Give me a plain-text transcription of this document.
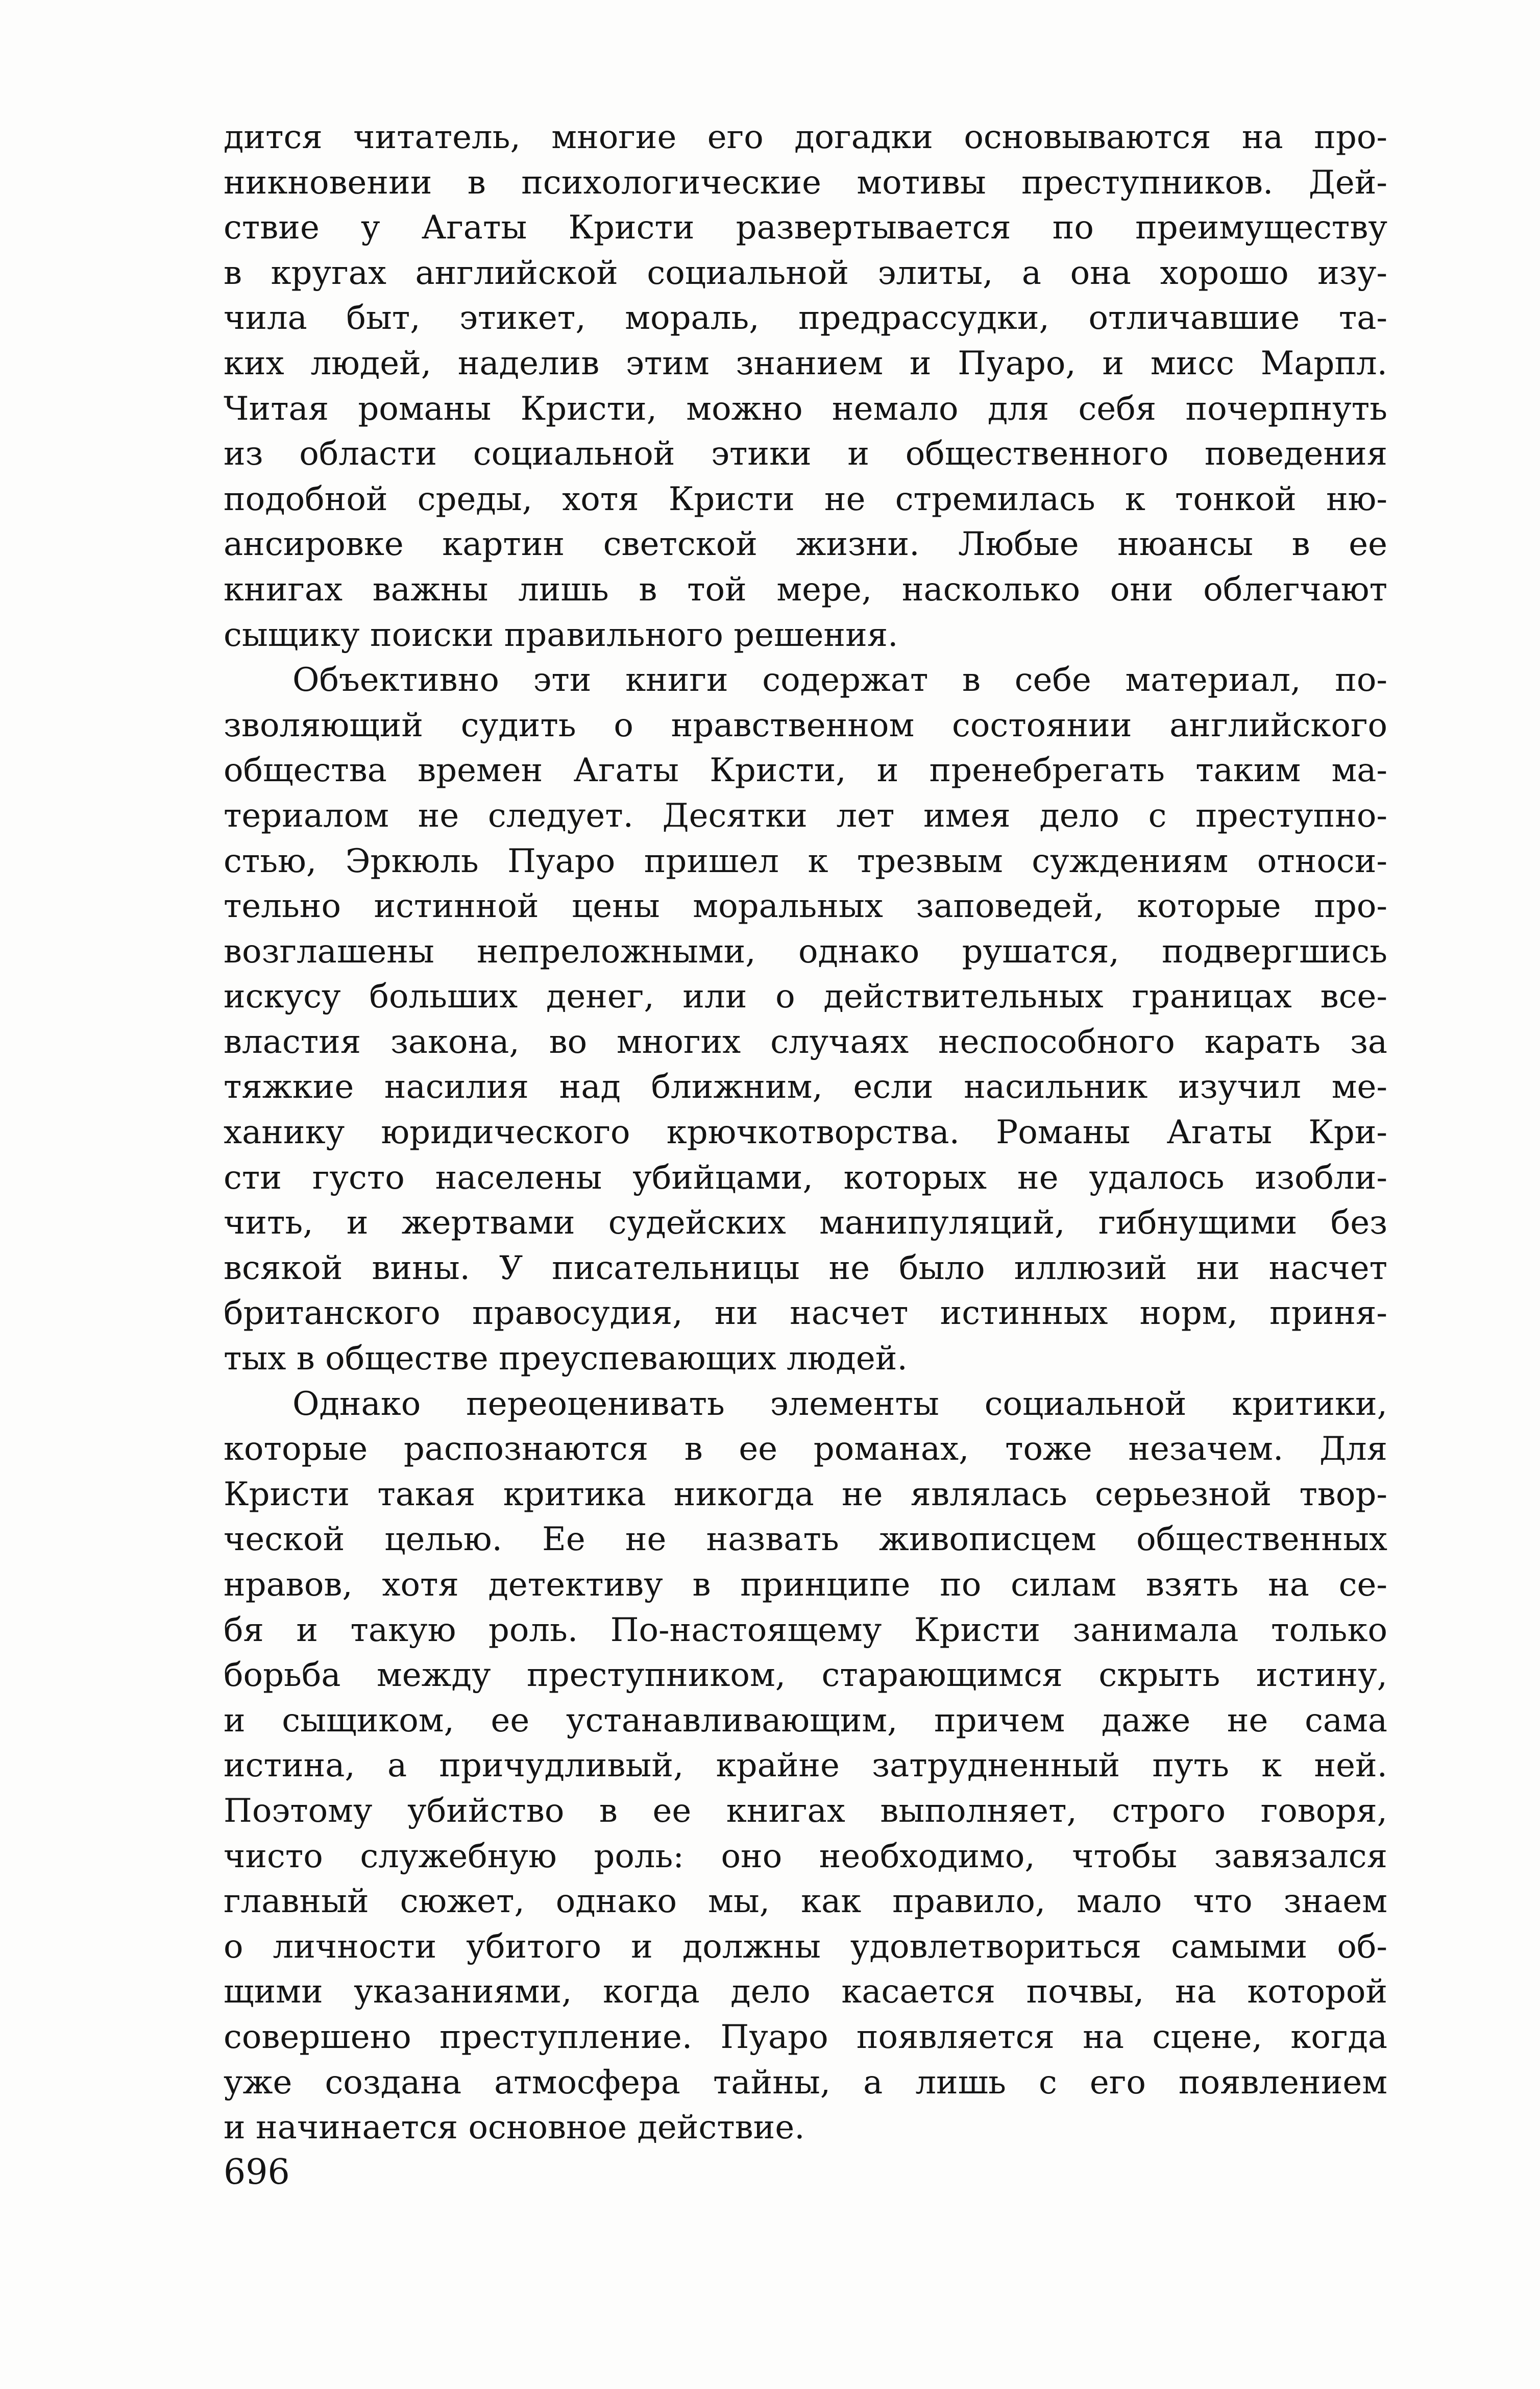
дится читатель, многие его догадки основываются на про-
никновении в психологические мотивы преступников. Дей-
ствие у Агаты Кристи развертывается по преимуществу
в кругах английской социальной элиты, а она хорошо изу-
чила быт, этикет, мораль, предрассудки, отличавшие та-
ких людей, наделив этим знанием и Пуаро, и мисс Марпл.
Читая романы Кристи, можно немало для себя почерпнуть
из области социальной этики и общественного поведения
подобной среды, хотя Кристи не стремилась к тонкой ню-
ансировке картин светской жизни. Любые нюансы в ее
книгах важны лишь в той мере, насколько они облегчают
сыщику поиски правильного решения.
Объективно эти книги содержат в себе материал, по-
зволяющий судить о нравственном состоянии английского
общества времен Агаты Кристи, и пренебрегать таким ма-
териалом не следует. Десятки лет имея дело с преступно-
стью, Эркюль Пуаро пришел к трезвым суждениям относи-
тельно истинной цены моральных заповедей, которые про-
возглашены непреложными, однако рушатся, подвергшись
искусу больших денег, или о действительных границах все-
властия закона, во многих случаях неспособного карать за
тяжкие насилия над ближним, если насильник изучил ме-
ханику юридического крючкотворства. Романы Агаты Кри-
сти густо населены убийцами, которых не удалось изобли-
чить, и жертвами судейских манипуляций, гибнущими без
всякой вины. У писательницы не было иллюзий ни насчет
британского правосудия, ни насчет истинных норм, приня-
тых в обществе преуспевающих людей.
Однако переоценивать элементы социальной критики,
которые распознаются в ее романах, тоже незачем. Для
Кристи такая критика никогда не являлась серьезной твор-
ческой целью. Ее не назвать живописцем общественных
нравов, хотя детективу в принципе по силам взять на се-
бя и такую роль. По-настоящему Кристи занимала только
борьба между преступником, старающимся скрыть истину,
и сыщиком, ее устанавливающим, причем даже не сама
истина, а причудливый, крайне затрудненный путь к ней.
Поэтому убийство в ее книгах выполняет, строго говоря,
чисто служебную роль: оно необходимо, чтобы завязался
главный сюжет, однако мы, как правило, мало что знаем
о личности убитого и должны удовлетвориться самыми об-
щими указаниями, когда дело касается почвы, на которой
совершено преступление. Пуаро появляется на сцене, когда
уже создана атмосфера тайны, а лишь с его появлением
и начинается основное действие.
696
